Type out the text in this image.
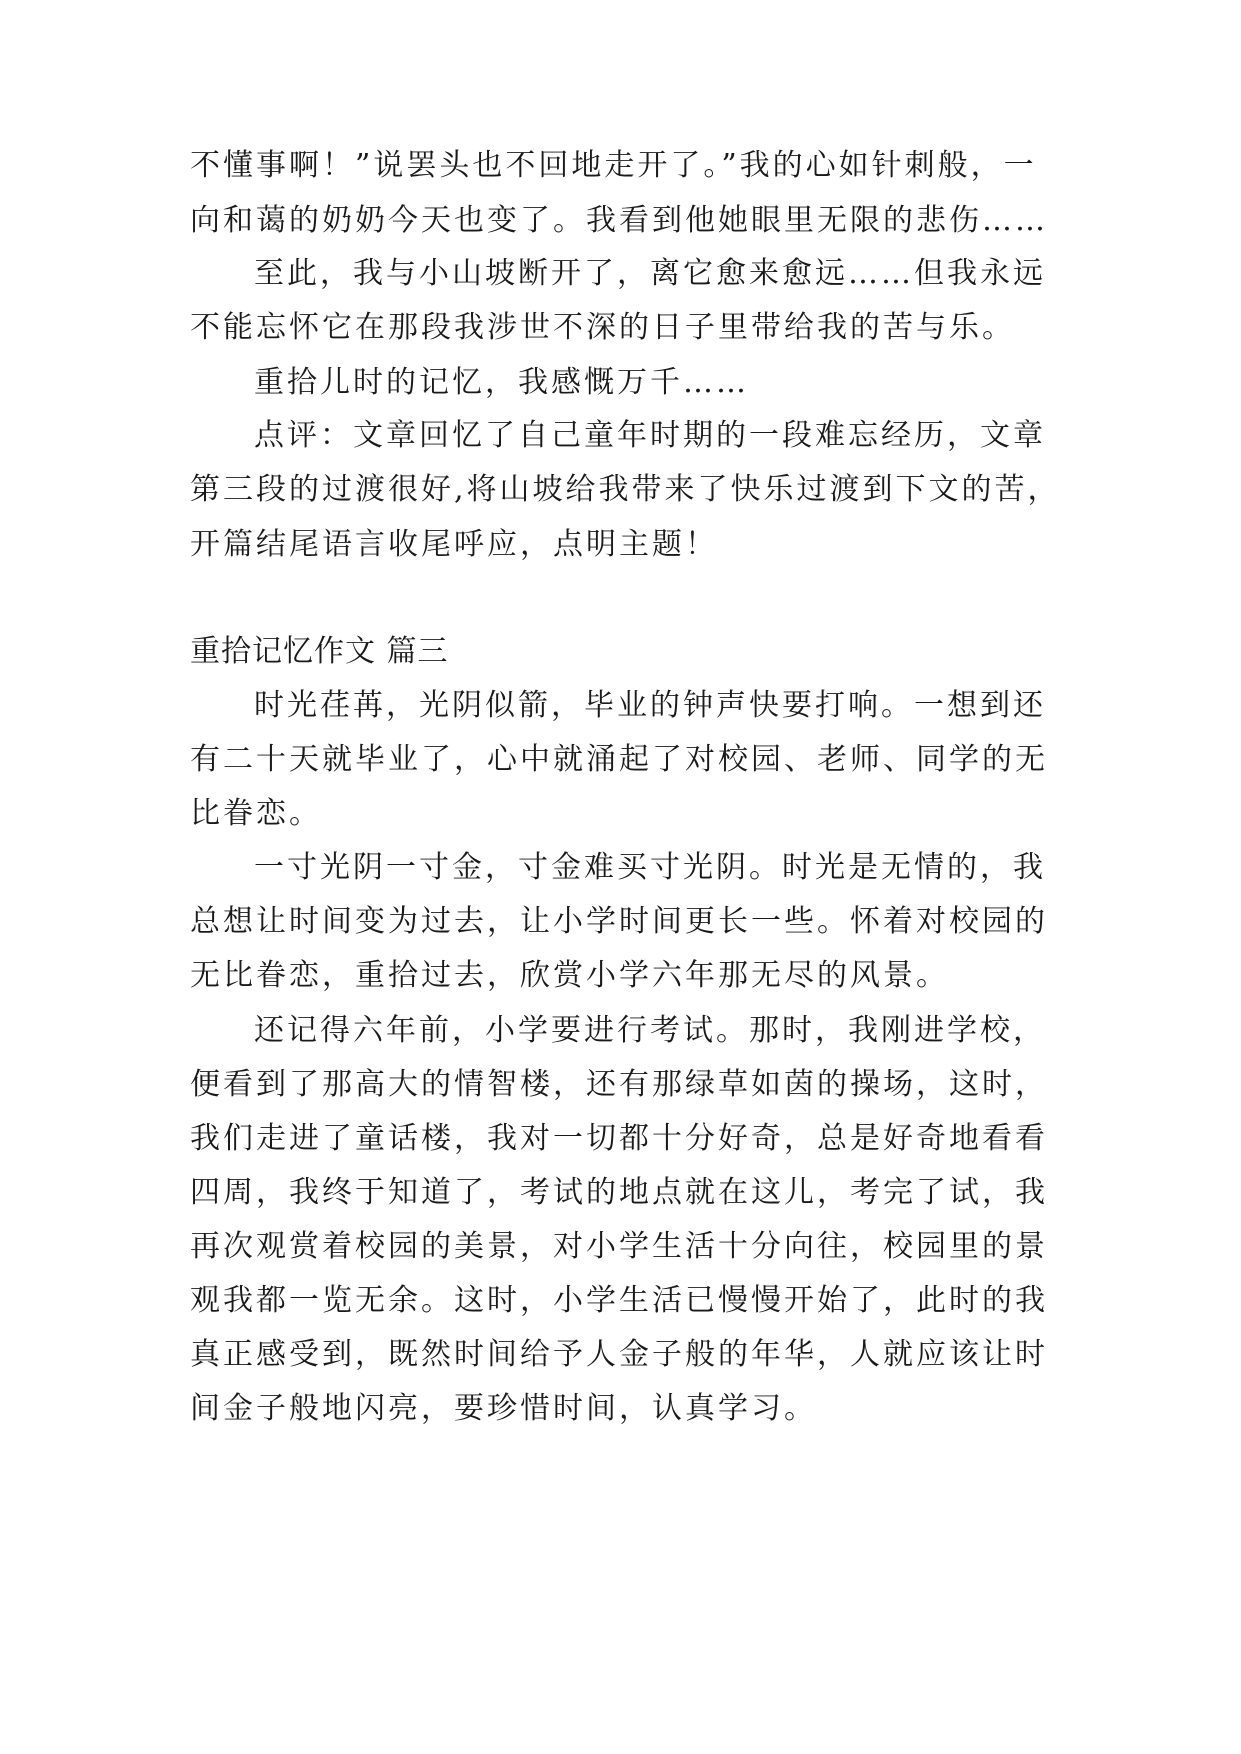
不懂事啊！”说罢头也不回地走开了。”我的心如针刺般，一
向和蔼的奶奶今天也变了。我看到他她眼里无限的悲伤……
至此，我与小山坡断开了，离它愈来愈远……但我永远
不能忘怀它在那段我涉世不深的日子里带给我的苦与乐。
重拾儿时的记忆，我感慨万千……
点评：文章回忆了自己童年时期的一段难忘经历，文章
第三段的过渡很好,将山坡给我带来了快乐过渡到下文的苦，
开篇结尾语言收尾呼应，点明主题！
重拾记忆作文 篇三
时光荏苒，光阴似箭，毕业的钟声快要打响。一想到还
有二十天就毕业了，心中就涌起了对校园、老师、同学的无
比眷恋。
一寸光阴一寸金，寸金难买寸光阴。时光是无情的，我
总想让时间变为过去，让小学时间更长一些。怀着对校园的
无比眷恋，重拾过去，欣赏小学六年那无尽的风景。
还记得六年前，小学要进行考试。那时，我刚进学校，
便看到了那高大的情智楼，还有那绿草如茵的操场，这时，
我们走进了童话楼，我对一切都十分好奇，总是好奇地看看
四周，我终于知道了，考试的地点就在这儿，考完了试，我
再次观赏着校园的美景，对小学生活十分向往，校园里的景
观我都一览无余。这时，小学生活已慢慢开始了，此时的我
真正感受到，既然时间给予人金子般的年华，人就应该让时
间金子般地闪亮，要珍惜时间，认真学习。
